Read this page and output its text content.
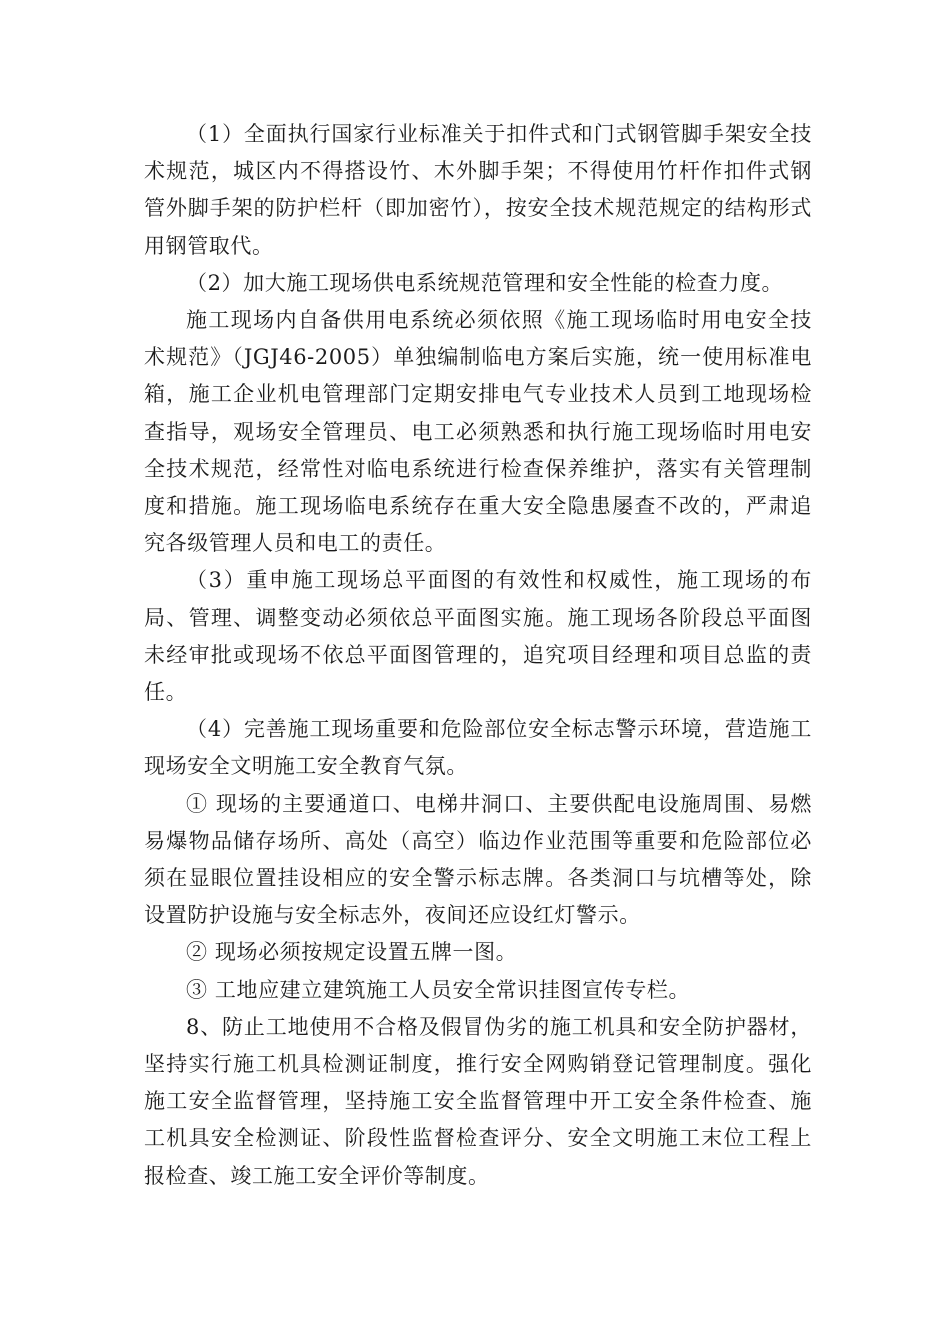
（1）全面执行国家行业标准关于扣件式和门式钢管脚手架安全技术规范，城区内不得搭设竹、木外脚手架；不得使用竹杆作扣件式钢管外脚手架的防护栏杆（即加密竹），按安全技术规范规定的结构形式用钢管取代。

（2）加大施工现场供电系统规范管理和安全性能的检查力度。

施工现场内自备供用电系统必须依照《施工现场临时用电安全技术规范》（JGJ46-2005）单独编制临电方案后实施，统一使用标准电箱，施工企业机电管理部门定期安排电气专业技术人员到工地现场检查指导，观场安全管理员、电工必须熟悉和执行施工现场临时用电安全技术规范，经常性对临电系统进行检查保养维护，落实有关管理制度和措施。施工现场临电系统存在重大安全隐患屡查不改的，严肃追究各级管理人员和电工的责任。

（3）重申施工现场总平面图的有效性和权威性，施工现场的布局、管理、调整变动必须依总平面图实施。施工现场各阶段总平面图未经审批或现场不依总平面图管理的，追究项目经理和项目总监的责任。

（4）完善施工现场重要和危险部位安全标志警示环境，营造施工现场安全文明施工安全教育气氛。

① 现场的主要通道口、电梯井洞口、主要供配电设施周围、易燃易爆物品储存场所、高处（高空）临边作业范围等重要和危险部位必须在显眼位置挂设相应的安全警示标志牌。各类洞口与坑槽等处，除设置防护设施与安全标志外，夜间还应设红灯警示。

② 现场必须按规定设置五牌一图。

③ 工地应建立建筑施工人员安全常识挂图宣传专栏。

8、防止工地使用不合格及假冒伪劣的施工机具和安全防护器材，坚持实行施工机具检测证制度，推行安全网购销登记管理制度。强化施工安全监督管理，坚持施工安全监督管理中开工安全条件检查、施工机具安全检测证、阶段性监督检查评分、安全文明施工末位工程上报检查、竣工施工安全评价等制度。
